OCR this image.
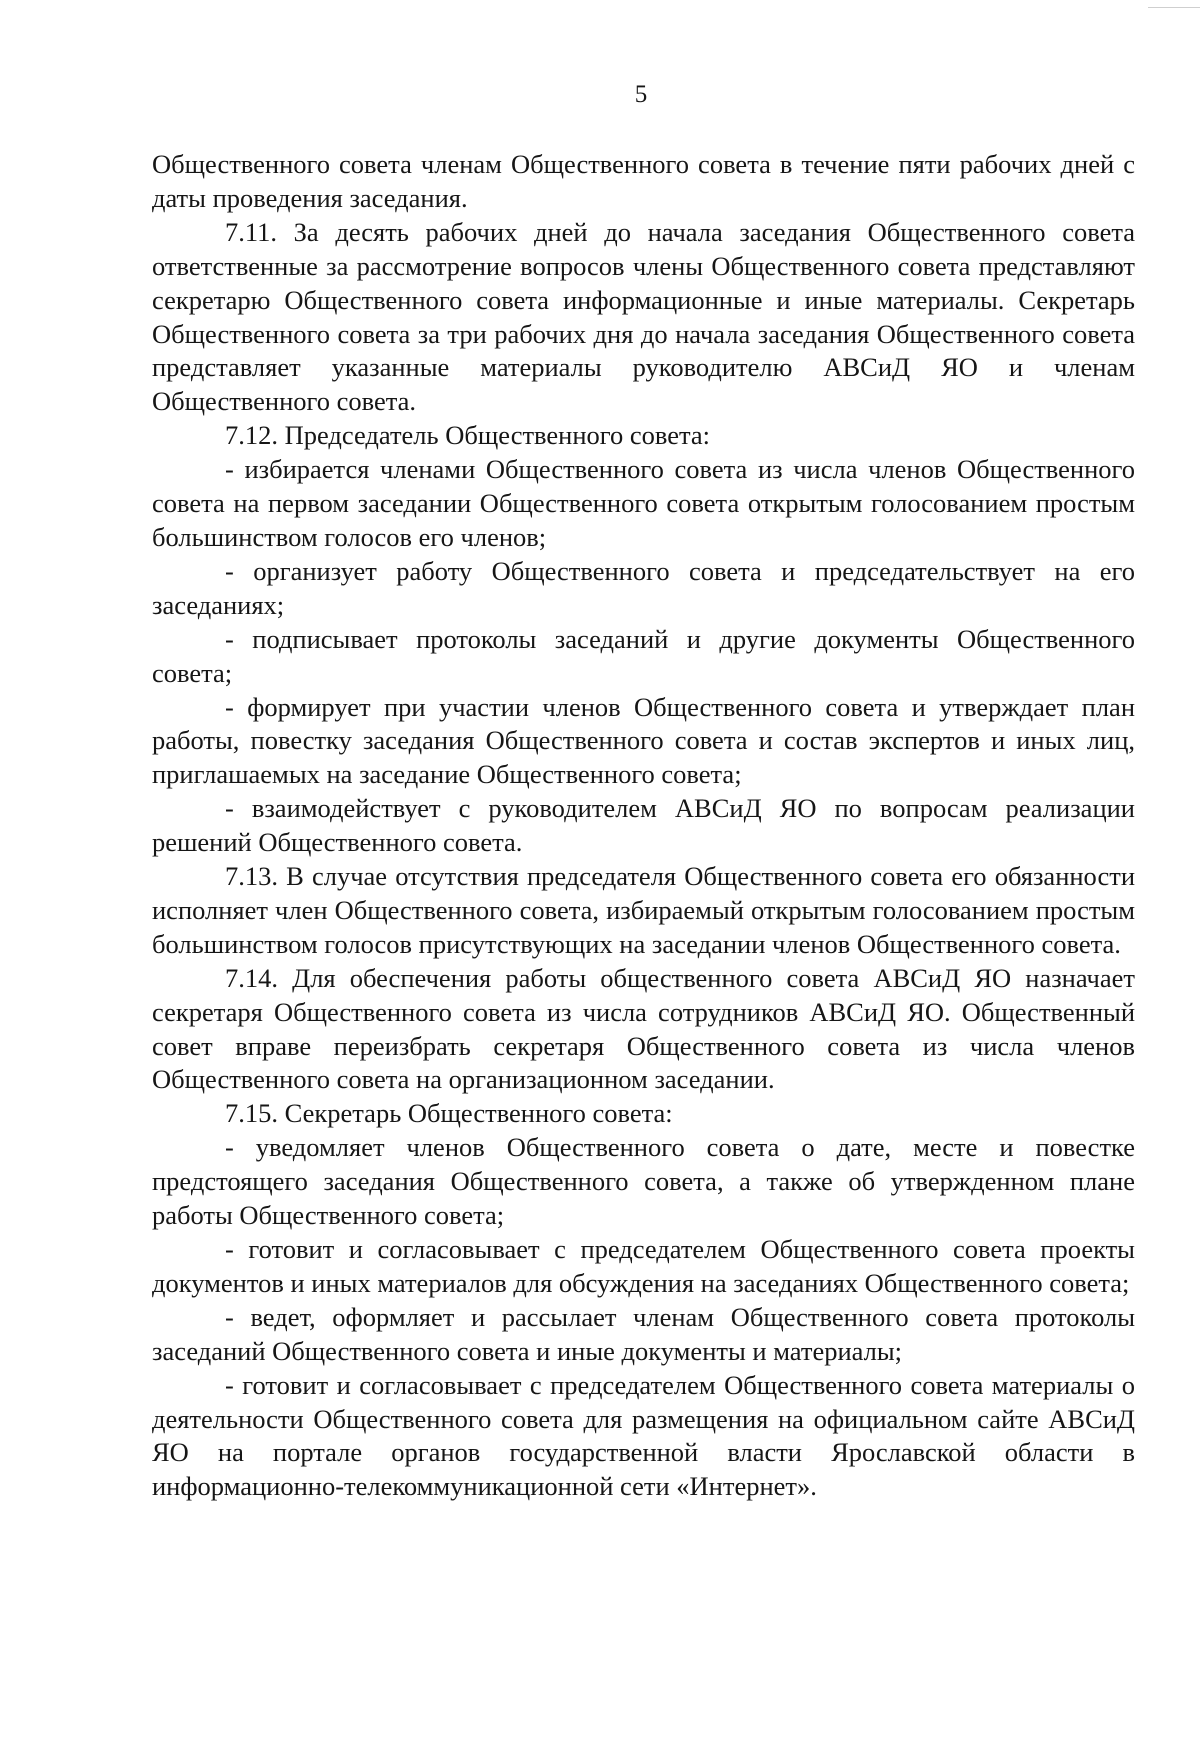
5

Общественного совета членам Общественного совета в течение пяти рабочих дней с даты проведения заседания.

7.11. За десять рабочих дней до начала заседания Общественного совета ответственные за рассмотрение вопросов члены Общественного совета представляют секретарю Общественного совета информационные и иные материалы. Секретарь Общественного совета за три рабочих дня до начала заседания Общественного совета представляет указанные материалы руководителю АВСиД ЯО и членам Общественного совета.

7.12. Председатель Общественного совета:

- избирается членами Общественного совета из числа членов Общественного совета на первом заседании Общественного совета открытым голосованием простым большинством голосов его членов;

- организует работу Общественного совета и председательствует на его заседаниях;

- подписывает протоколы заседаний и другие документы Общественного совета;

- формирует при участии членов Общественного совета и утверждает план работы, повестку заседания Общественного совета и состав экспертов и иных лиц, приглашаемых на заседание Общественного совета;

- взаимодействует с руководителем АВСиД ЯО по вопросам реализации решений Общественного совета.

7.13. В случае отсутствия председателя Общественного совета его обязанности исполняет член Общественного совета, избираемый открытым голосованием простым большинством голосов присутствующих на заседании членов Общественного совета.

7.14. Для обеспечения работы общественного совета АВСиД ЯО назначает секретаря Общественного совета из числа сотрудников АВСиД ЯО. Общественный совет вправе переизбрать секретаря Общественного совета из числа членов Общественного совета на организационном заседании.

7.15. Секретарь Общественного совета:

- уведомляет членов Общественного совета о дате, месте и повестке предстоящего заседания Общественного совета, а также об утвержденном плане работы Общественного совета;

- готовит и согласовывает с председателем Общественного совета проекты документов и иных материалов для обсуждения на заседаниях Общественного совета;

- ведет, оформляет и рассылает членам Общественного совета протоколы заседаний Общественного совета и иные документы и материалы;

- готовит и согласовывает с председателем Общественного совета материалы о деятельности Общественного совета для размещения на официальном сайте АВСиД ЯО на портале органов государственной власти Ярославской области в информационно-телекоммуникационной сети «Интернет».
